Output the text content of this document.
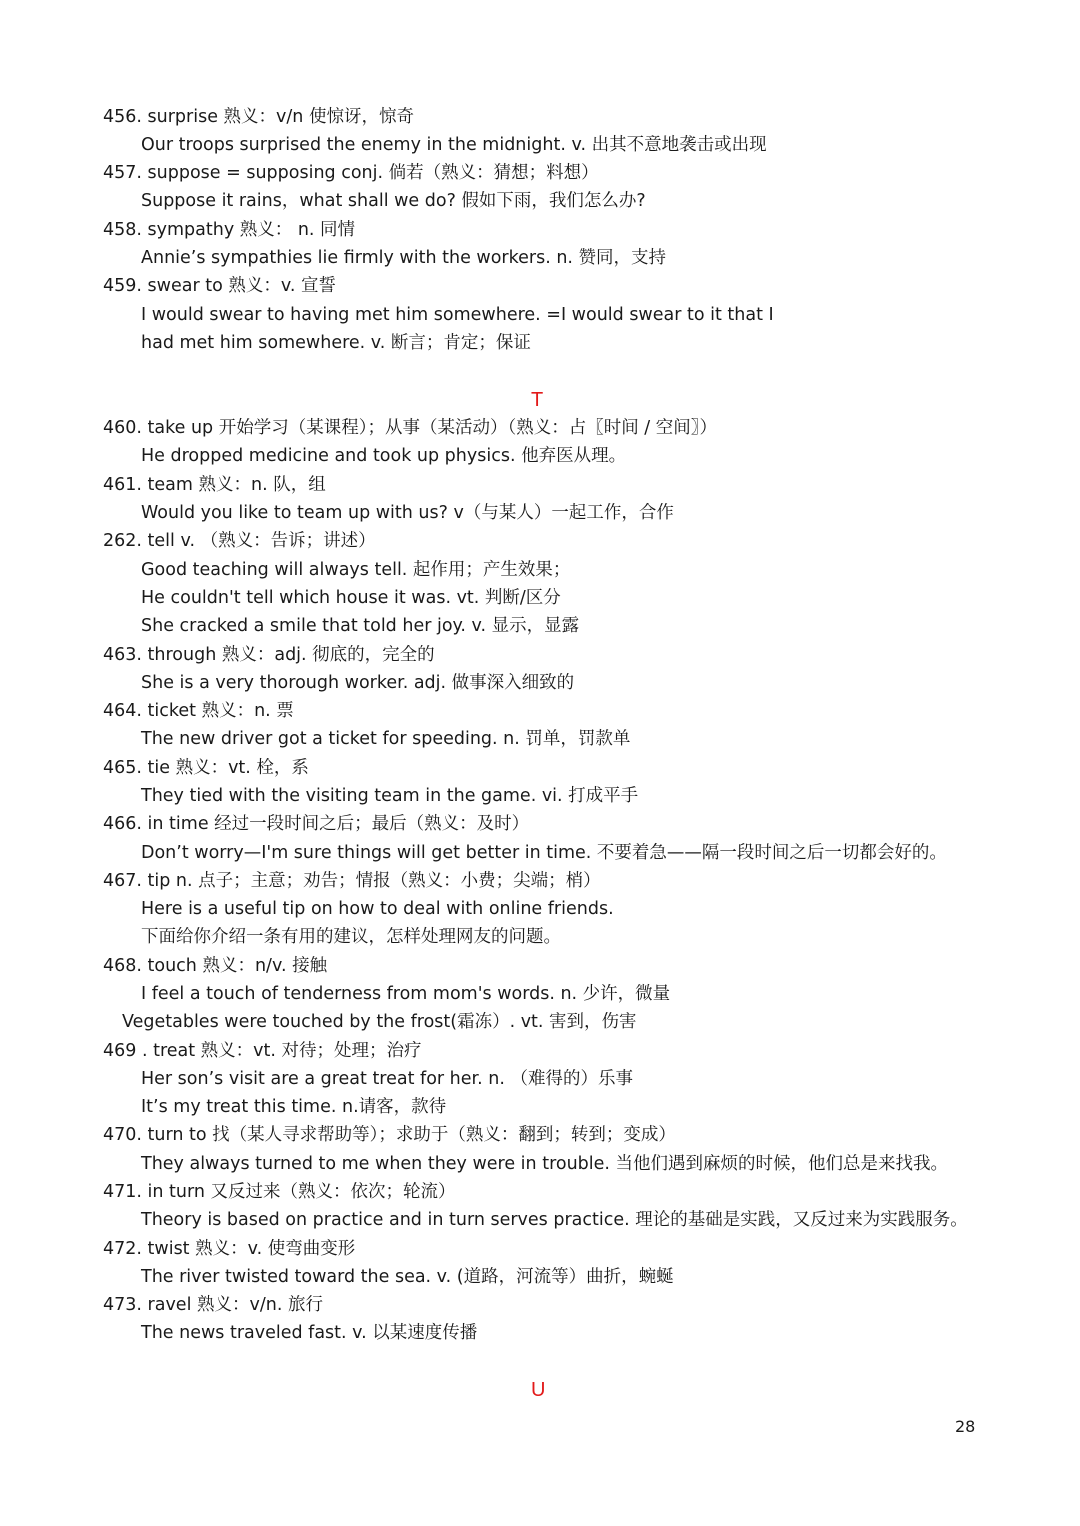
456. surprise 熟义：v/n 使惊讶，惊奇
Our troops surprised the enemy in the midnight. v. 出其不意地袭击或出现
457. suppose = supposing conj. 倘若（熟义：猜想；料想）
Suppose it rains，what shall we do? 假如下雨，我们怎么办?
458. sympathy 熟义： n. 同情
Annie’s sympathies lie firmly with the workers. n. 赞同，支持
459. swear to 熟义：v. 宣誓
I would swear to having met him somewhere. =I would swear to it that I
had met him somewhere. v. 断言；肯定；保证
T
460. take up 开始学习（某课程）；从事（某活动）（熟义：占〖时间 / 空间〗）
He dropped medicine and took up physics. 他弃医从理。
461. team 熟义：n. 队，组
Would you like to team up with us? v（与某人）一起工作，合作
262. tell v. （熟义：告诉；讲述）
Good teaching will always tell. 起作用；产生效果；
He couldn't tell which house it was. vt. 判断/区分
She cracked a smile that told her joy. v. 显示，显露
463. through 熟义：adj. 彻底的，完全的
She is a very thorough worker. adj. 做事深入细致的
464. ticket 熟义：n. 票
The new driver got a ticket for speeding. n. 罚单，罚款单
465. tie 熟义：vt. 栓，系
They tied with the visiting team in the game. vi. 打成平手
466. in time 经过一段时间之后；最后（熟义：及时）
Don’t worry—I'm sure things will get better in time. 不要着急——隔一段时间之后一切都会好的。
467. tip n. 点子；主意；劝告；情报（熟义：小费；尖端；梢）
Here is a useful tip on how to deal with online friends.
下面给你介绍一条有用的建议，怎样处理网友的问题。
468. touch 熟义：n/v. 接触
I feel a touch of tenderness from mom's words. n. 少许，微量
Vegetables were touched by the frost(霜冻）. vt. 害到，伤害
469 . treat 熟义：vt. 对待；处理；治疗
Her son’s visit are a great treat for her. n. （难得的）乐事
It’s my treat this time. n.请客，款待
470. turn to 找（某人寻求帮助等）；求助于（熟义：翻到；转到；变成）
They always turned to me when they were in trouble. 当他们遇到麻烦的时候，他们总是来找我。
471. in turn 又反过来（熟义：依次；轮流）
Theory is based on practice and in turn serves practice. 理论的基础是实践，又反过来为实践服务。
472. twist 熟义：v. 使弯曲变形
The river twisted toward the sea. v. (道路，河流等）曲折，蜿蜒
473. ravel 熟义：v/n. 旅行
The news traveled fast. v. 以某速度传播
U
28
